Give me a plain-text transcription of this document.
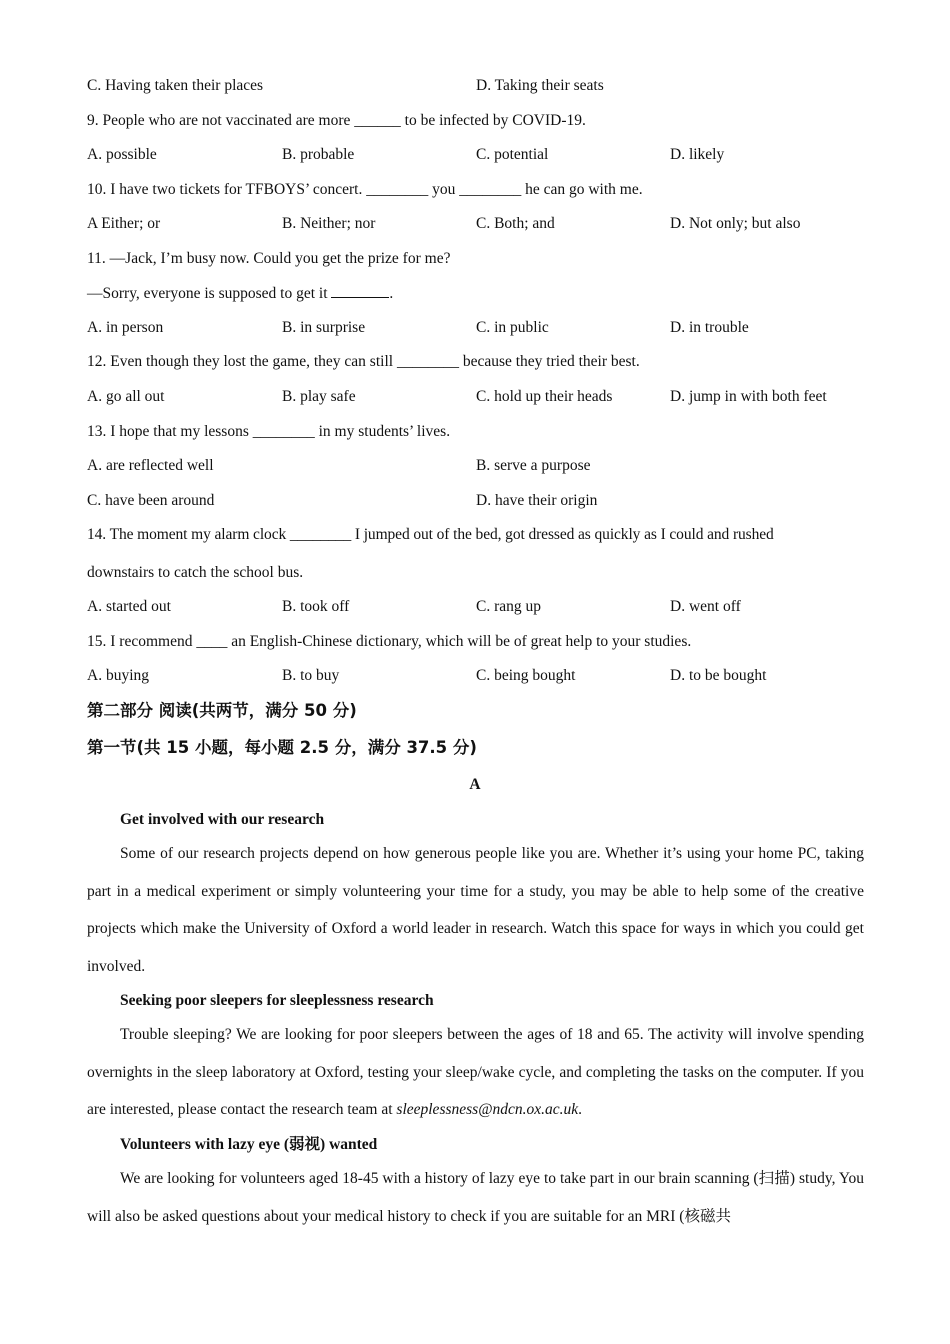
C. Having taken their places	D. Taking their seats
9. People who are not vaccinated are more ______ to be infected by COVID-19.
A. possible	B. probable	C. potential	D. likely
10. I have two tickets for TFBOYS’ concert. ________ you ________ he can go with me.
A Either; or	B. Neither; nor	C. Both; and	D. Not only; but also
11. —Jack, I’m busy now. Could you get the prize for me?
—Sorry, everyone is supposed to get it	.
A. in person	B. in surprise	C. in public	D. in trouble
12. Even though they lost the game, they can still ________ because they tried their best.
A. go all out	B. play safe	C. hold up their heads	D. jump in with both feet
13. I hope that my lessons ________ in my students’ lives.
A. are reflected well	B. serve a purpose
C. have been around	D. have their origin
14. The moment my alarm clock ________ I jumped out of the bed, got dressed as quickly as I could and rushed
downstairs to catch the school bus.
A. started out	B. took off	C. rang up	D. went off
15. I recommend ____ an English-Chinese dictionary, which will be of great help to your studies.
A. buying	B. to buy	C. being bought	D. to be bought
第二部分 阅读(共两节，满分 50 分)
第一节(共 15 小题，每小题 2.5 分，满分 37.5 分)
A
Get involved with our research
Some of our research projects depend on how generous people like you are. Whether it’s using your home PC, taking part in a medical experiment or simply volunteering your time for a study, you may be able to help some of the creative projects which make the University of Oxford a world leader in research. Watch this space for ways in which you could get involved.
Seeking poor sleepers for sleeplessness research
Trouble sleeping? We are looking for poor sleepers between the ages of 18 and 65. The activity will involve spending overnights in the sleep laboratory at Oxford, testing your sleep/wake cycle, and completing the tasks on the computer. If you are interested, please contact the research team at sleeplessness@ndcn.ox.ac.uk.
Volunteers with lazy eye (弱视) wanted
We are looking for volunteers aged 18-45 with a history of lazy eye to take part in our brain scanning (扫描) study, You will also be asked questions about your medical history to check if you are suitable for an MRI (核磁共
